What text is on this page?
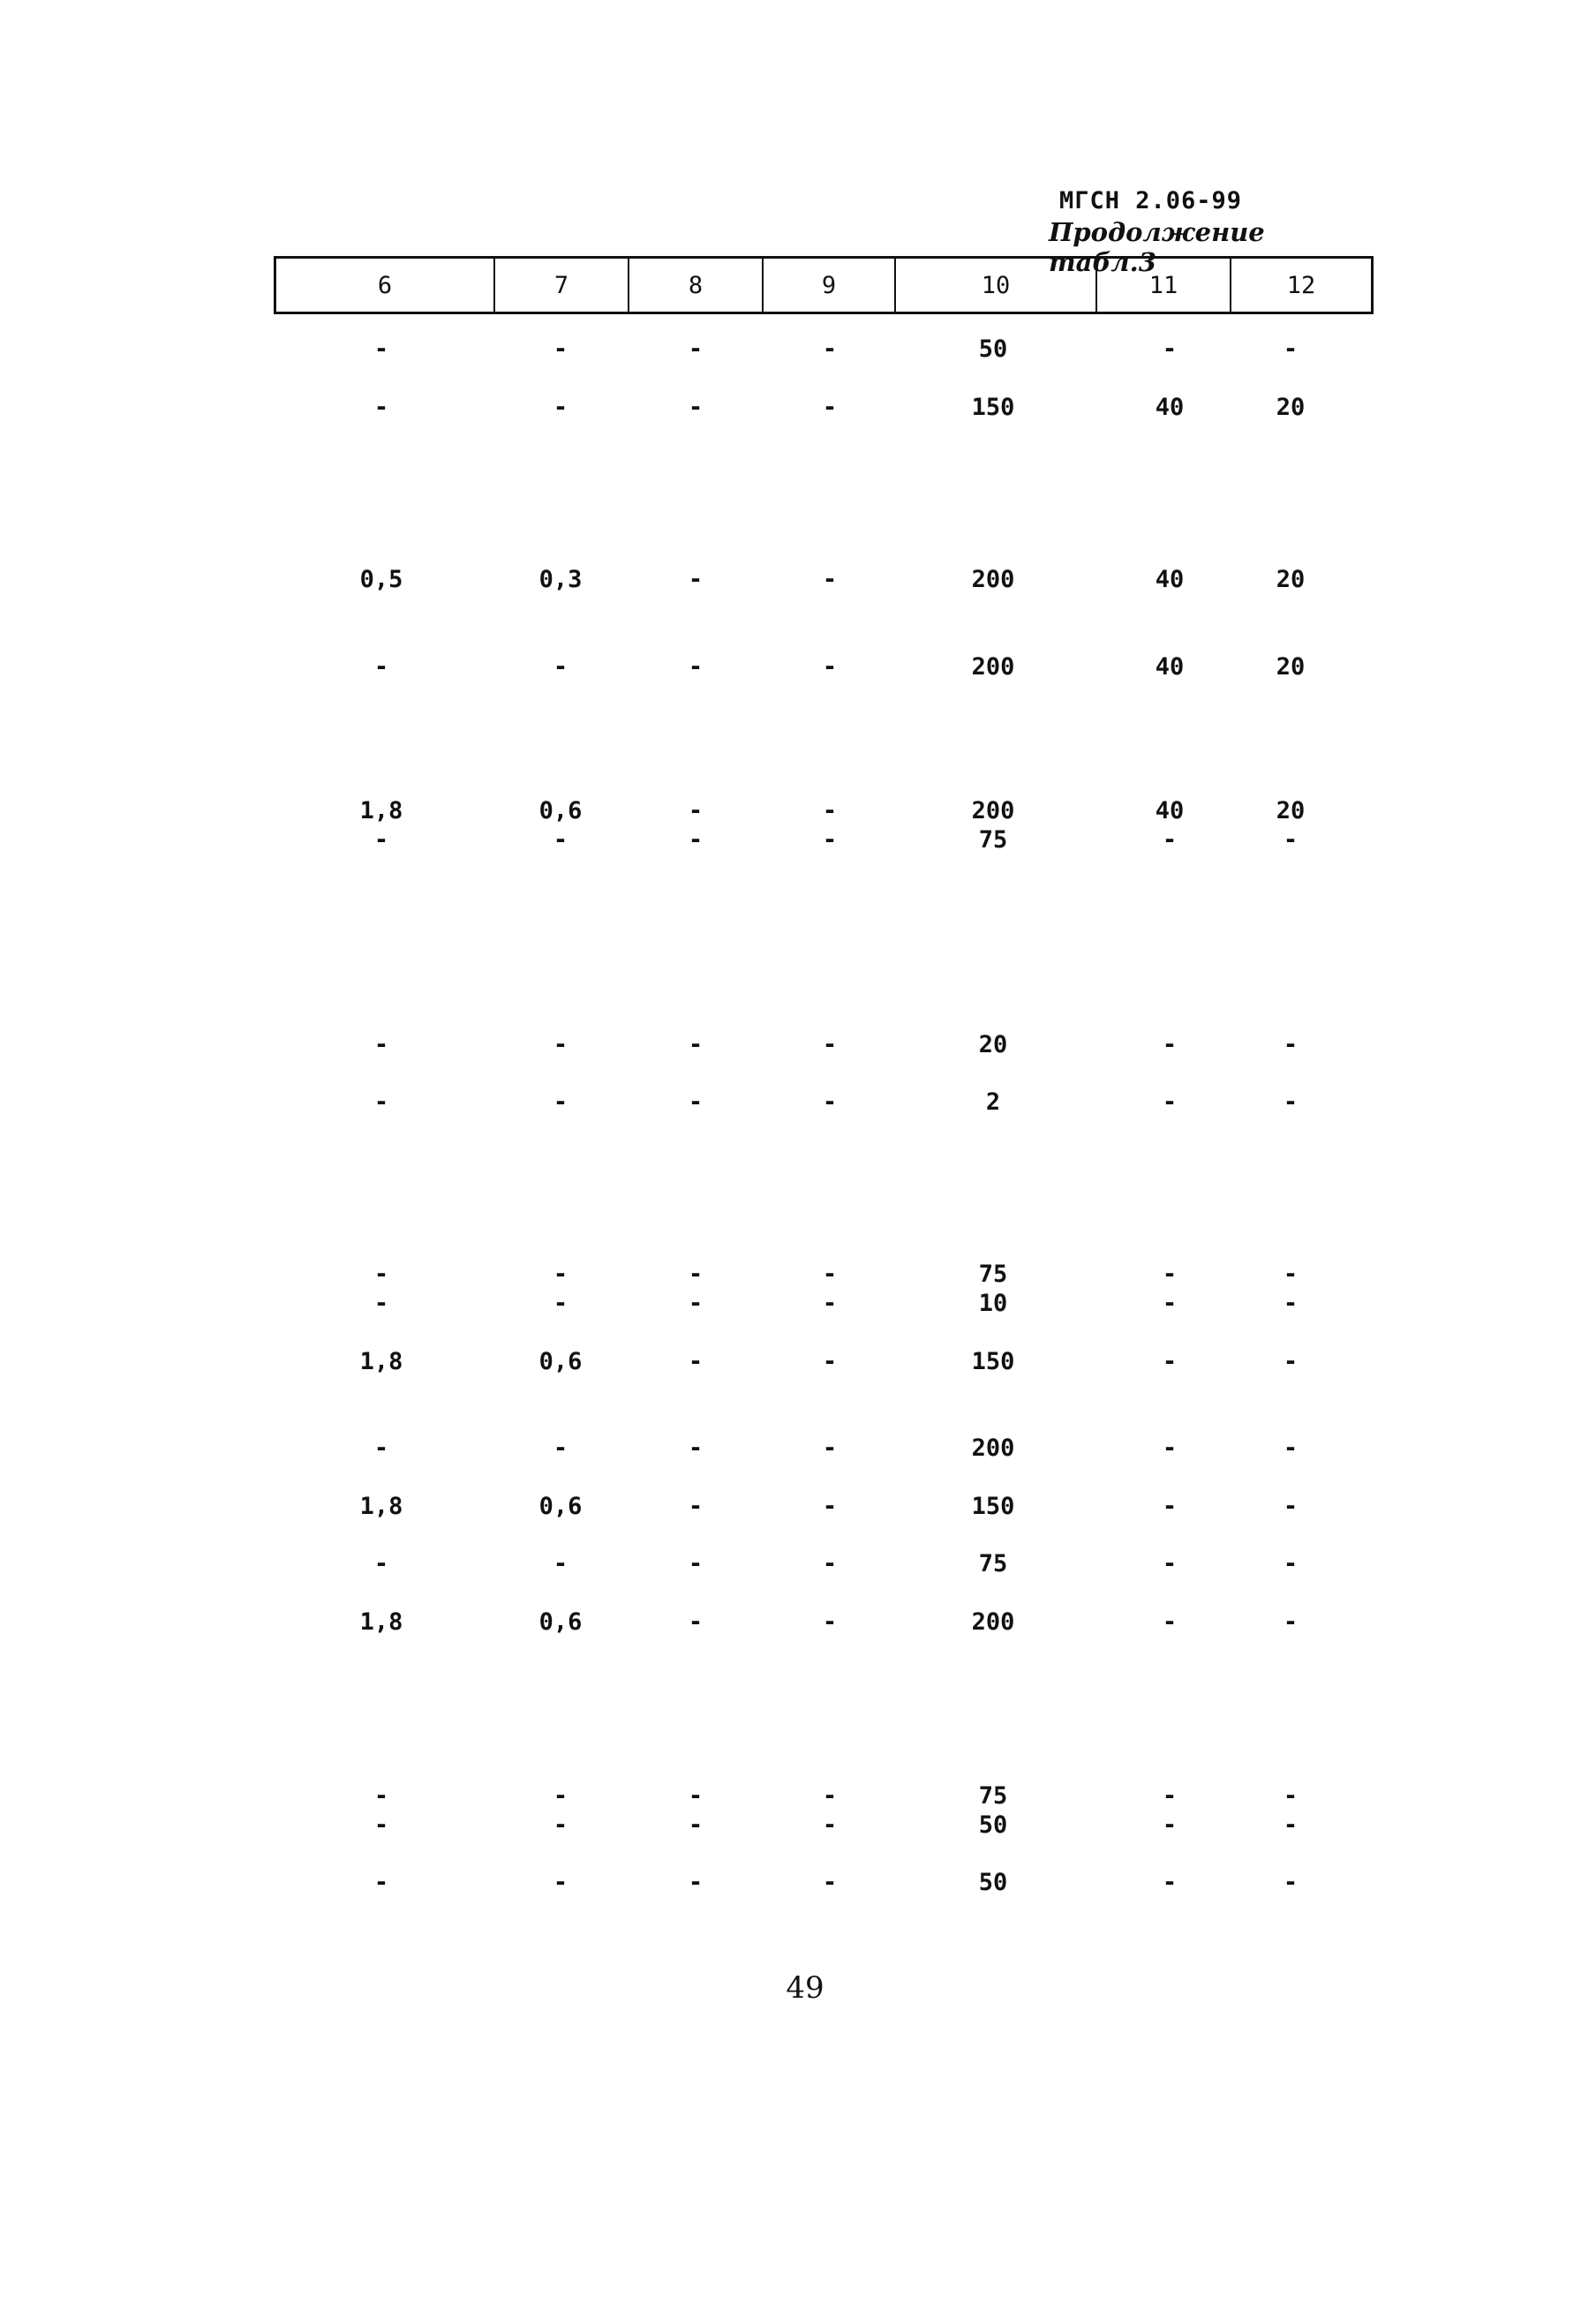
МГСН 2.06-99
Продолжение табл.3
6	7	8	9	10	11	12
-	-	-	-	50	-	-
-	-	-	-	150	40	20
0,5	0,3	-	-	200	40	20
-	-	-	-	200	40	20
1,8	0,6	-	-	200	40	20
-	-	-	-	75	-	-
-	-	-	-	20	-	-
-	-	-	-	2	-	-
-	-	-	-	75	-	-
-	-	-	-	10	-	-
1,8	0,6	-	-	150	-	-
-	-	-	-	200	-	-
1,8	0,6	-	-	150	-	-
-	-	-	-	75	-	-
1,8	0,6	-	-	200	-	-
-	-	-	-	75	-	-
-	-	-	-	50	-	-
-	-	-	-	50	-	-
49
